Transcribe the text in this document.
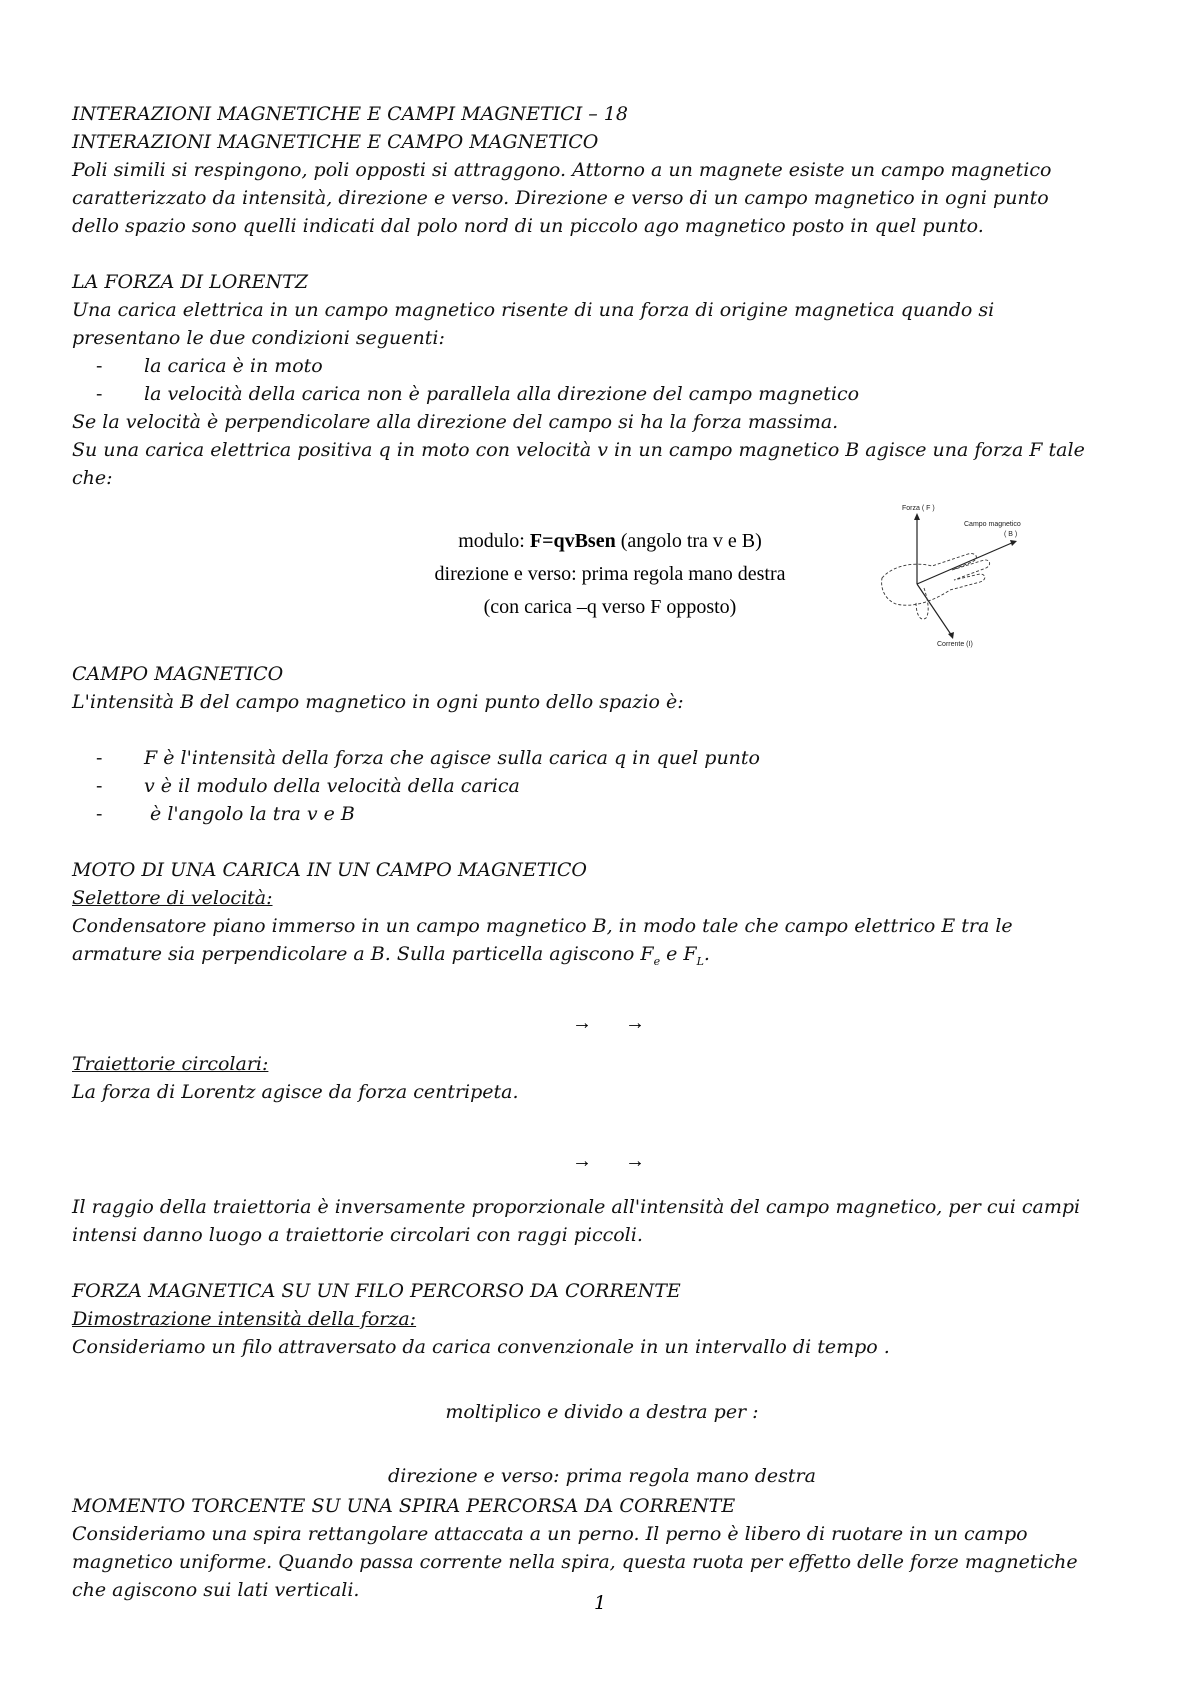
INTERAZIONI MAGNETICHE E CAMPI MAGNETICI – 18
INTERAZIONI MAGNETICHE E CAMPO MAGNETICO
Poli simili si respingono, poli opposti si attraggono. Attorno a un magnete esiste un campo magnetico
caratterizzato da intensità, direzione e verso. Direzione e verso di un campo magnetico in ogni punto
dello spazio sono quelli indicati dal polo nord di un piccolo ago magnetico posto in quel punto.
LA FORZA DI LORENTZ
Una carica elettrica in un campo magnetico risente di una forza di origine magnetica quando si
presentano le due condizioni seguenti:
-	la carica è in moto
-	la velocità della carica non è parallela alla direzione del campo magnetico
Se la velocità è perpendicolare alla direzione del campo si ha la forza massima.
Su una carica elettrica positiva q in moto con velocità v in un campo magnetico B agisce una forza F tale
che:
modulo: F=qvBsen (angolo tra v e B)
direzione e verso: prima regola mano destra
(con carica –q verso F opposto)
Forza ( F )
Campo magnetico
( B )
Corrente (I)
CAMPO MAGNETICO
L'intensità B del campo magnetico in ogni punto dello spazio è:
-	F è l'intensità della forza che agisce sulla carica q in quel punto
-	v è il modulo della velocità della carica
-	è l'angolo la tra v e B
MOTO DI UNA CARICA IN UN CAMPO MAGNETICO
Selettore di velocità:
Condensatore piano immerso in un campo magnetico B, in modo tale che campo elettrico E tra le
armature sia perpendicolare a B. Sulla particella agiscono $F_e$ e $F_L$.
→ →
Traiettorie circolari:
La forza di Lorentz agisce da forza centripeta.
→ →
Il raggio della traiettoria è inversamente proporzionale all'intensità del campo magnetico, per cui campi
intensi danno luogo a traiettorie circolari con raggi piccoli.
FORZA MAGNETICA SU UN FILO PERCORSO DA CORRENTE
Dimostrazione intensità della forza:
Consideriamo un filo attraversato da carica convenzionale in un intervallo di tempo .
moltiplico e divido a destra per :
direzione e verso: prima regola mano destra
MOMENTO TORCENTE SU UNA SPIRA PERCORSA DA CORRENTE
Consideriamo una spira rettangolare attaccata a un perno. Il perno è libero di ruotare in un campo
magnetico uniforme. Quando passa corrente nella spira, questa ruota per effetto delle forze magnetiche
che agiscono sui lati verticali.
1
